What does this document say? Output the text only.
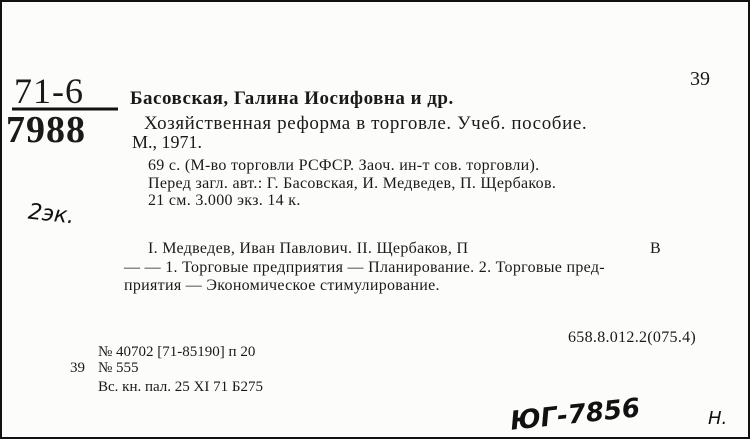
71-6
7988
2эк.
39
Басовская, Галина Иосифовна и др.
Хозяйственная реформа в торговле. Учеб. пособие.
М., 1971.
69 с. (М-во торговли РСФСР. Заоч. ин-т сов. торговли).
Перед загл. авт.: Г. Басовская, И. Медведев, П. Щербаков.
21 см. 3.000 экз. 14 к.
I. Медведев, Иван Павлович. II. Щербаков, П	В
— — 1. Торговые предприятия — Планирование. 2. Торговые пред-
приятия — Экономическое стимулирование.
658.8.012.2(075.4)
№ 40702 [71-85190] п 20
39 № 555
Вс. кн. пал. 25 XI 71 Б275
ЮГ-7856	Н.
